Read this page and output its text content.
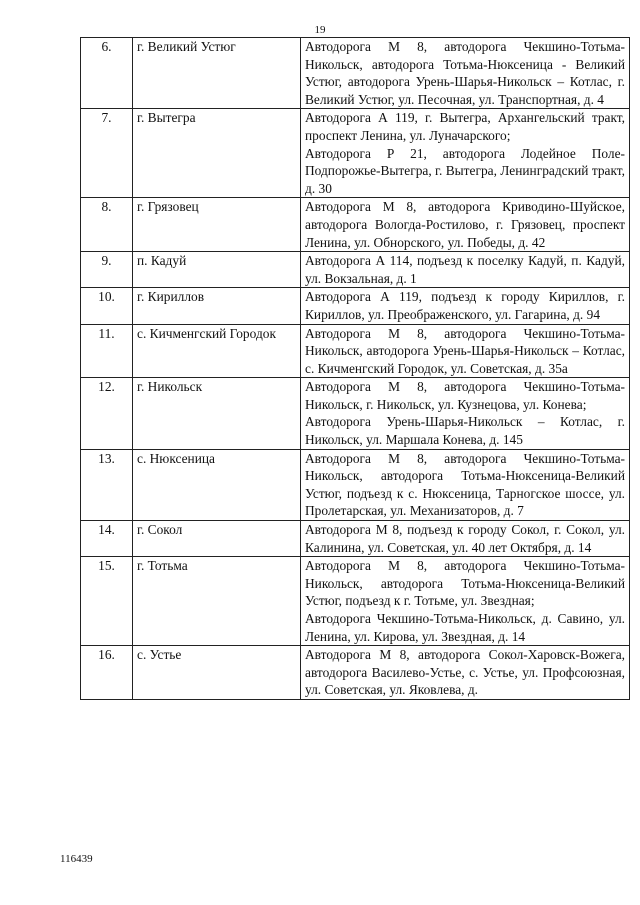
19
6.	г. Великий Устюг	Автодорога М 8, автодорога Чекшино-Тотьма-Никольск, автодорога Тотьма-Нюксеница - Великий Устюг, автодорога Урень-Шарья-Никольск – Котлас, г. Великий Устюг, ул. Песочная, ул. Транспортная, д. 4

7.	г. Вытегра	Автодорога А 119, г. Вытегра, Архангельский тракт, проспект Ленина, ул. Луначарского;
Автодорога Р 21, автодорога Лодейное Поле-Подпорожье-Вытегра, г. Вытегра, Ленинградский тракт, д. 30

8.	г. Грязовец	Автодорога М 8, автодорога Криводино-Шуйское, автодорога Вологда-Ростилово, г. Грязовец, проспект Ленина, ул. Обнорского, ул. Победы, д. 42

9.	п. Кадуй	Автодорога А 114, подъезд к поселку Кадуй, п. Кадуй, ул. Вокзальная, д. 1

10.	г. Кириллов	Автодорога А 119, подъезд к городу Кириллов, г. Кириллов, ул. Преображенского, ул. Гагарина, д. 94

11.	с. Кичменгский Городок	Автодорога М 8, автодорога Чекшино-Тотьма-Никольск, автодорога Урень-Шарья-Никольск – Котлас, с. Кичменгский Городок, ул. Советская, д. 35а

12.	г. Никольск	Автодорога М 8, автодорога Чекшино-Тотьма-Никольск, г. Никольск, ул. Кузнецова, ул. Конева;
Автодорога Урень-Шарья-Никольск – Котлас, г. Никольск, ул. Маршала Конева, д. 145

13.	с. Нюксеница	Автодорога М 8, автодорога Чекшино-Тотьма-Никольск, автодорога Тотьма-Нюксеница-Великий Устюг, подъезд к с. Нюксеница, Тарногское шоссе, ул. Пролетарская, ул. Механизаторов, д. 7

14.	г. Сокол	Автодорога М 8, подъезд к городу Сокол, г. Сокол, ул. Калинина, ул. Советская, ул. 40 лет Октября, д. 14

15.	г. Тотьма	Автодорога М 8, автодорога Чекшино-Тотьма-Никольск, автодорога Тотьма-Нюксеница-Великий Устюг, подъезд к г. Тотьме, ул. Звездная;
Автодорога Чекшино-Тотьма-Никольск, д. Савино, ул. Ленина, ул. Кирова, ул. Звездная, д. 14

16.	с. Устье	Автодорога М 8, автодорога Сокол-Харовск-Вожега, автодорога Василево-Устье, с. Устье, ул. Профсоюзная, ул. Советская, ул. Яковлева, д.
116439
